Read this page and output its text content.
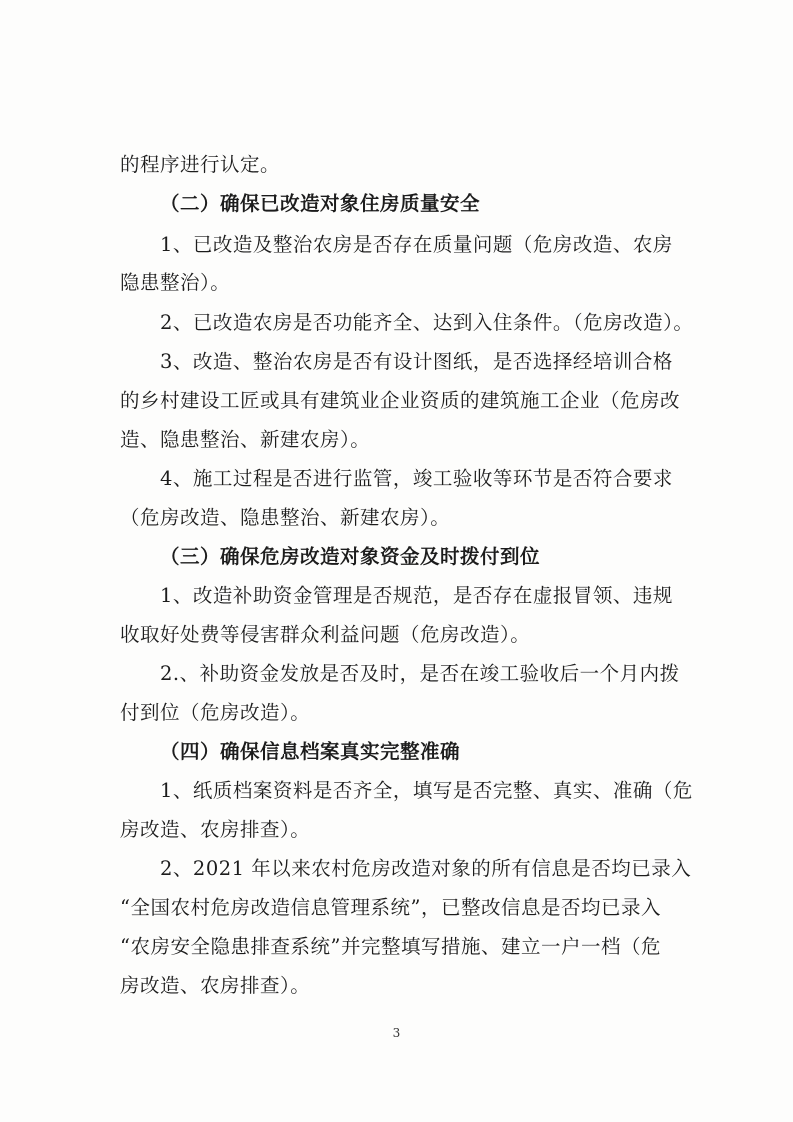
的程序进行认定。
（二）确保已改造对象住房质量安全
1、已改造及整治农房是否存在质量问题（危房改造、农房
隐患整治）。
2、已改造农房是否功能齐全、达到入住条件。（危房改造）。
3、改造、整治农房是否有设计图纸，是否选择经培训合格
的乡村建设工匠或具有建筑业企业资质的建筑施工企业（危房改
造、隐患整治、新建农房）。
4、施工过程是否进行监管，竣工验收等环节是否符合要求
（危房改造、隐患整治、新建农房）。
（三）确保危房改造对象资金及时拨付到位
1、改造补助资金管理是否规范，是否存在虚报冒领、违规
收取好处费等侵害群众利益问题（危房改造）。
2.、补助资金发放是否及时，是否在竣工验收后一个月内拨
付到位（危房改造）。
（四）确保信息档案真实完整准确
1、纸质档案资料是否齐全，填写是否完整、真实、准确（危
房改造、农房排查）。
2、2021 年以来农村危房改造对象的所有信息是否均已录入
“全国农村危房改造信息管理系统”，已整改信息是否均已录入
“农房安全隐患排查系统”并完整填写措施、建立一户一档（危
房改造、农房排查）。
3
